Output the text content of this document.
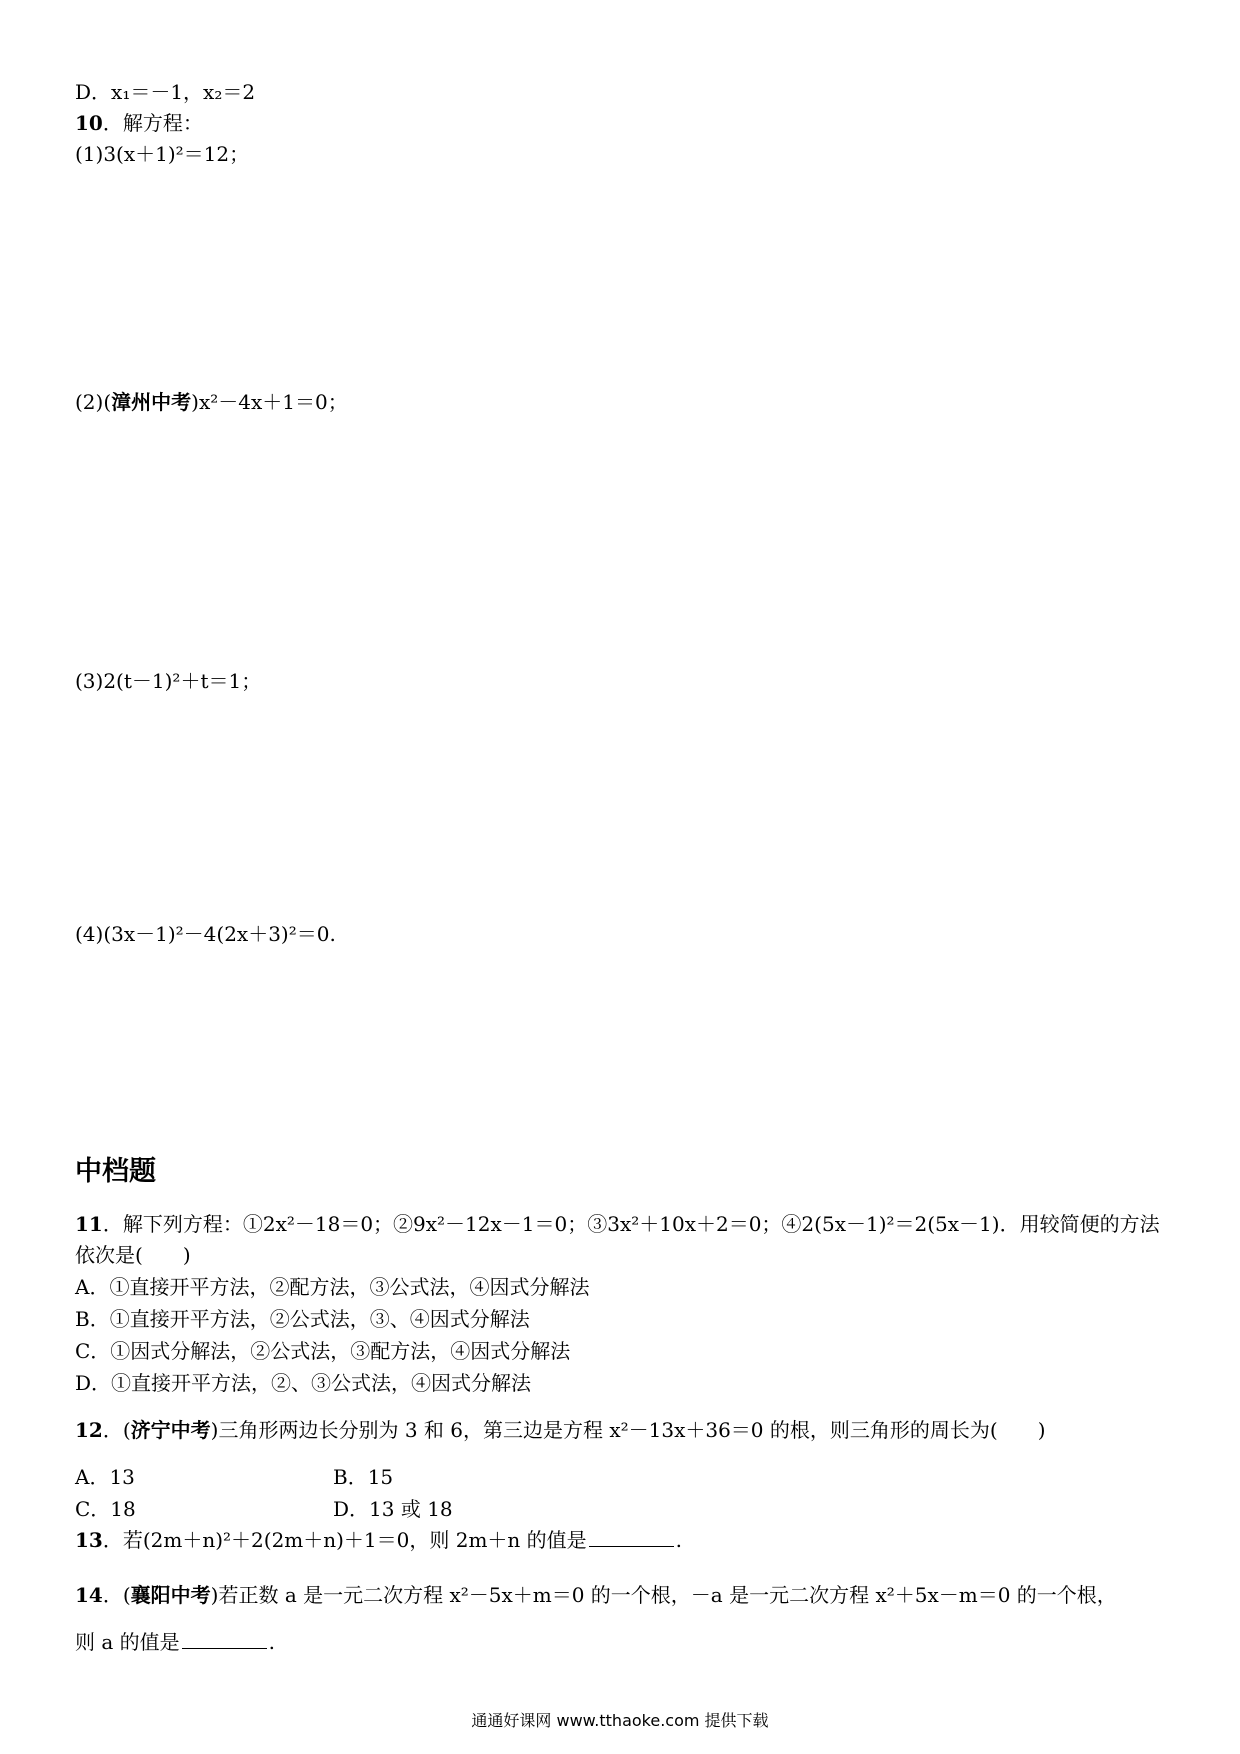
D．x₁＝－1，x₂＝2
10．解方程：
(1)3(x＋1)²＝12；
(2)(漳州中考)x²－4x＋1＝0；
(3)2(t－1)²＋t＝1；
(4)(3x－1)²－4(2x＋3)²＝0.
中档题
11．解下列方程：①2x²－18＝0；②9x²－12x－1＝0；③3x²＋10x＋2＝0；④2(5x－1)²＝2(5x－1)．用较简便的方法
依次是( )
A．①直接开平方法，②配方法，③公式法，④因式分解法
B．①直接开平方法，②公式法，③、④因式分解法
C．①因式分解法，②公式法，③配方法，④因式分解法
D．①直接开平方法，②、③公式法，④因式分解法
12．(济宁中考)三角形两边长分别为 3 和 6，第三边是方程 x²－13x＋36＝0 的根，则三角形的周长为( )
A．13	B．15
C．18	D．13 或 18
13．若(2m＋n)²＋2(2m＋n)＋1＝0，则 2m＋n 的值是	.
14．(襄阳中考)若正数 a 是一元二次方程 x²－5x＋m＝0 的一个根，－a 是一元二次方程 x²＋5x－m＝0 的一个根，
则 a 的值是	.
通通好课网 www.tthaoke.com 提供下载
